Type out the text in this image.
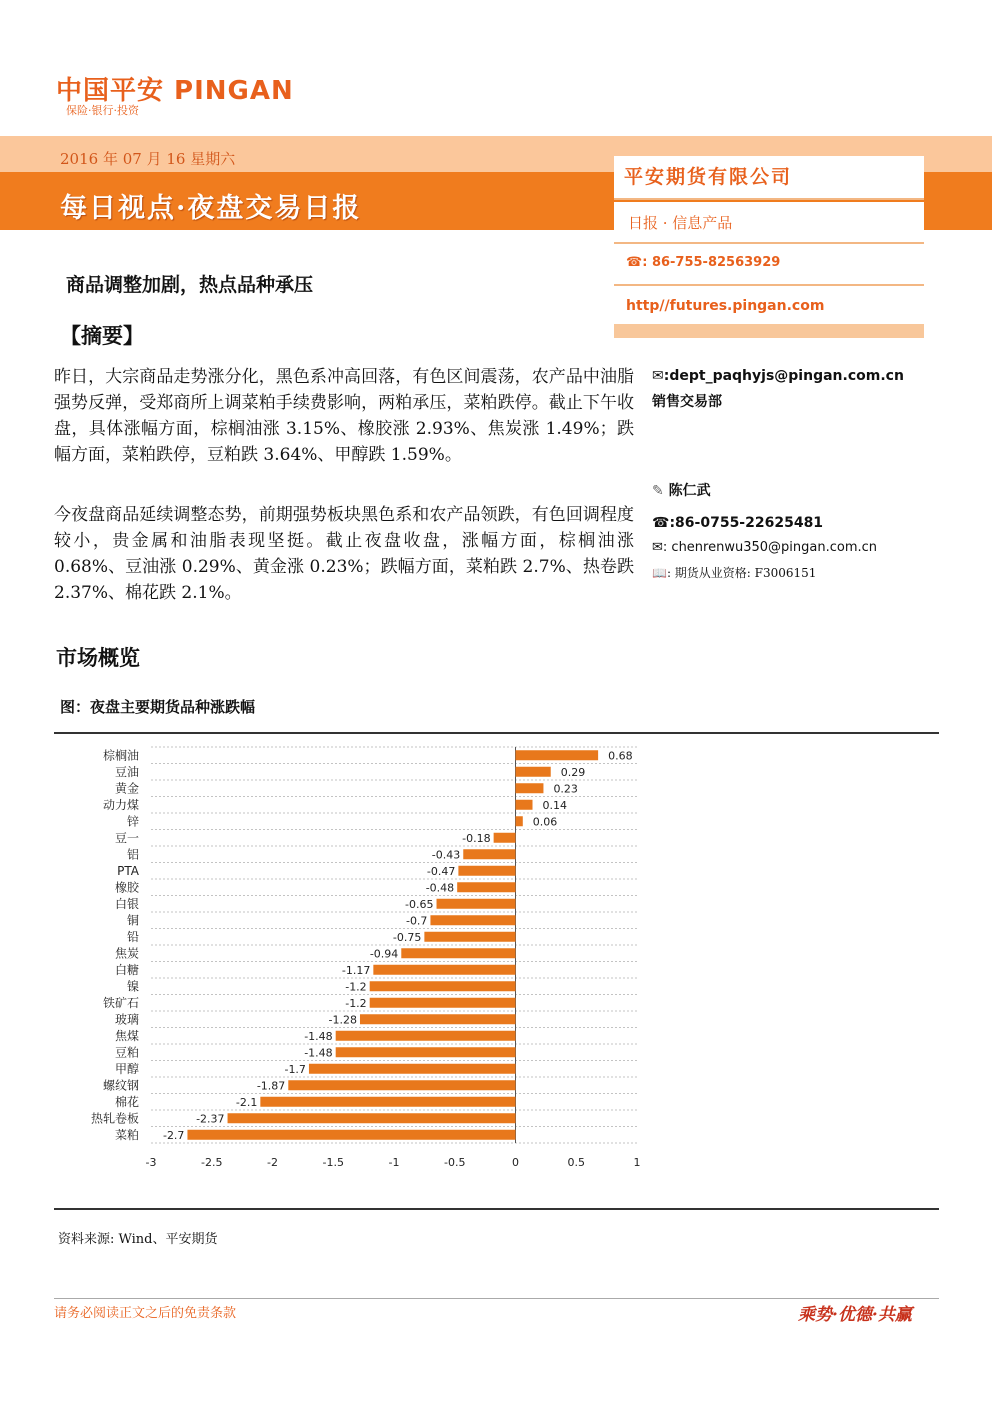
中国平安 PINGAN
保险·银行·投资
2016 年 07 月 16 星期六
每日视点·夜盘交易日报
平安期货有限公司
日报 · 信息产品
☎: 86-755-82563929
http//futures.pingan.com
商品调整加剧，热点品种承压
【摘要】
昨日，大宗商品走势涨分化，黑色系冲高回落，有色区间震荡，农产品中油脂强势反弹，受郑商所上调菜粕手续费影响，两粕承压，菜粕跌停。截止下午收盘，具体涨幅方面，棕榈油涨 3.15%、橡胶涨 2.93%、焦炭涨 1.49%；跌幅方面，菜粕跌停，豆粕跌 3.64%、甲醇跌 1.59%。
今夜盘商品延续调整态势，前期强势板块黑色系和农产品领跌，有色回调程度较小，贵金属和油脂表现坚挺。截止夜盘收盘，涨幅方面，棕榈油涨 0.68%、豆油涨 0.29%、黄金涨 0.23%；跌幅方面，菜粕跌 2.7%、热卷跌 2.37%、棉花跌 2.1%。
✉:dept_paqhyjs@pingan.com.cn
销售交易部
✎ 陈仁武
☎:86-0755-22625481
✉: chenrenwu350@pingan.com.cn
📖: 期货从业资格: F3006151
市场概览
图：夜盘主要期货品种涨跌幅
棕榈油
豆油
黄金
动力煤
锌
豆一
铝
PTA
橡胶
白银
铜
铅
焦炭
白糖
镍
铁矿石
玻璃
焦煤
豆粕
甲醇
螺纹钢
棉花
热轧卷板
菜粕
0.68
0.29
0.23
0.14
0.06
-0.18
-0.43
-0.47
-0.48
-0.65
-0.7
-0.75
-0.94
-1.17
-1.2
-1.2
-1.28
-1.48
-1.48
-1.7
-1.87
-2.1
-2.37
-2.7
-3	-2.5	-2	-1.5	-1	-0.5	0	0.5	1
资料来源: Wind、平安期货
请务必阅读正文之后的免责条款	乘势·优德·共赢
